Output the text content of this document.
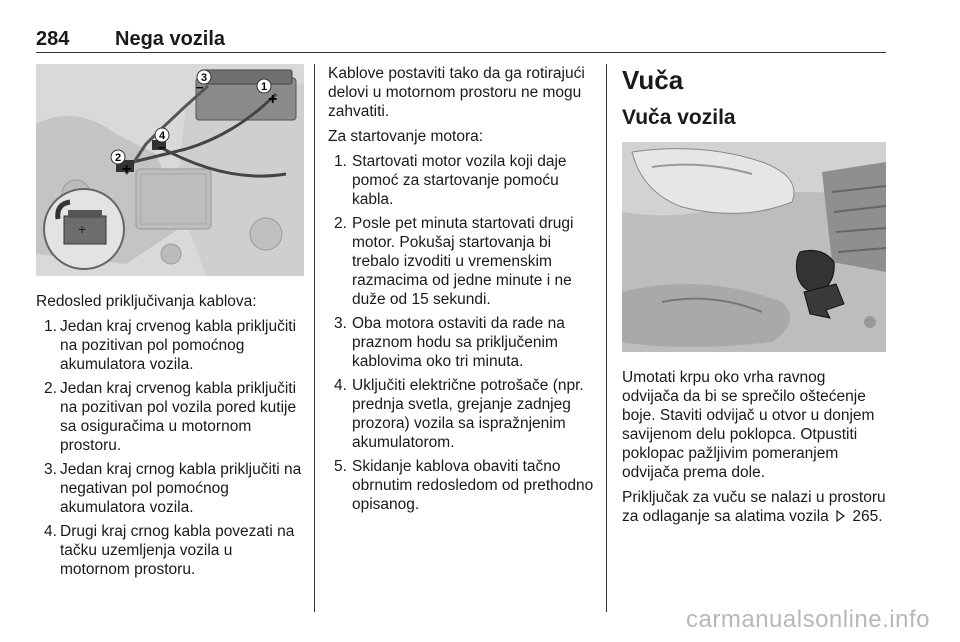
284 Nega vozila
+
3
−	1
+
4
−
2
+

Redosled priključivanja kablova:

1. Jedan kraj crvenog kabla priključiti na pozitivan pol pomoćnog akumulatora vozila.
2. Jedan kraj crvenog kabla priključiti na pozitivan pol vozila pored kutije sa osiguračima u motornom prostoru.
3. Jedan kraj crnog kabla priključiti na negativan pol pomoćnog akumulatora vozila.
4. Drugi kraj crnog kabla povezati na tačku uzemljenja vozila u motornom prostoru.

Kablove postaviti tako da ga rotirajući delovi u motornom prostoru ne mogu zahvatiti.

Za startovanje motora:

1. Startovati motor vozila koji daje pomoć za startovanje pomoću kabla.
2. Posle pet minuta startovati drugi motor. Pokušaj startovanja bi trebalo izvoditi u vremenskim razmacima od jedne minute i ne duže od 15 sekundi.
3. Oba motora ostaviti da rade na praznom hodu sa priključenim kablovima oko tri minuta.
4. Uključiti električne potrošače (npr. prednja svetla, grejanje zadnjeg prozora) vozila sa ispražnjenim akumulatorom.
5. Skidanje kablova obaviti tačno obrnutim redosledom od prethodno opisanog.
Vuča
Vuča vozila

Umotati krpu oko vrha ravnog odvijača da bi se sprečilo oštećenje boje. Staviti odvijač u otvor u donjem savijenom delu poklopca. Otpustiti poklopac pažljivim pomeranjem odvijača prema dole.

Priključak za vuču se nalazi u prostoru za odlaganje sa alatima vozila 265.

carmanualsonline.info
